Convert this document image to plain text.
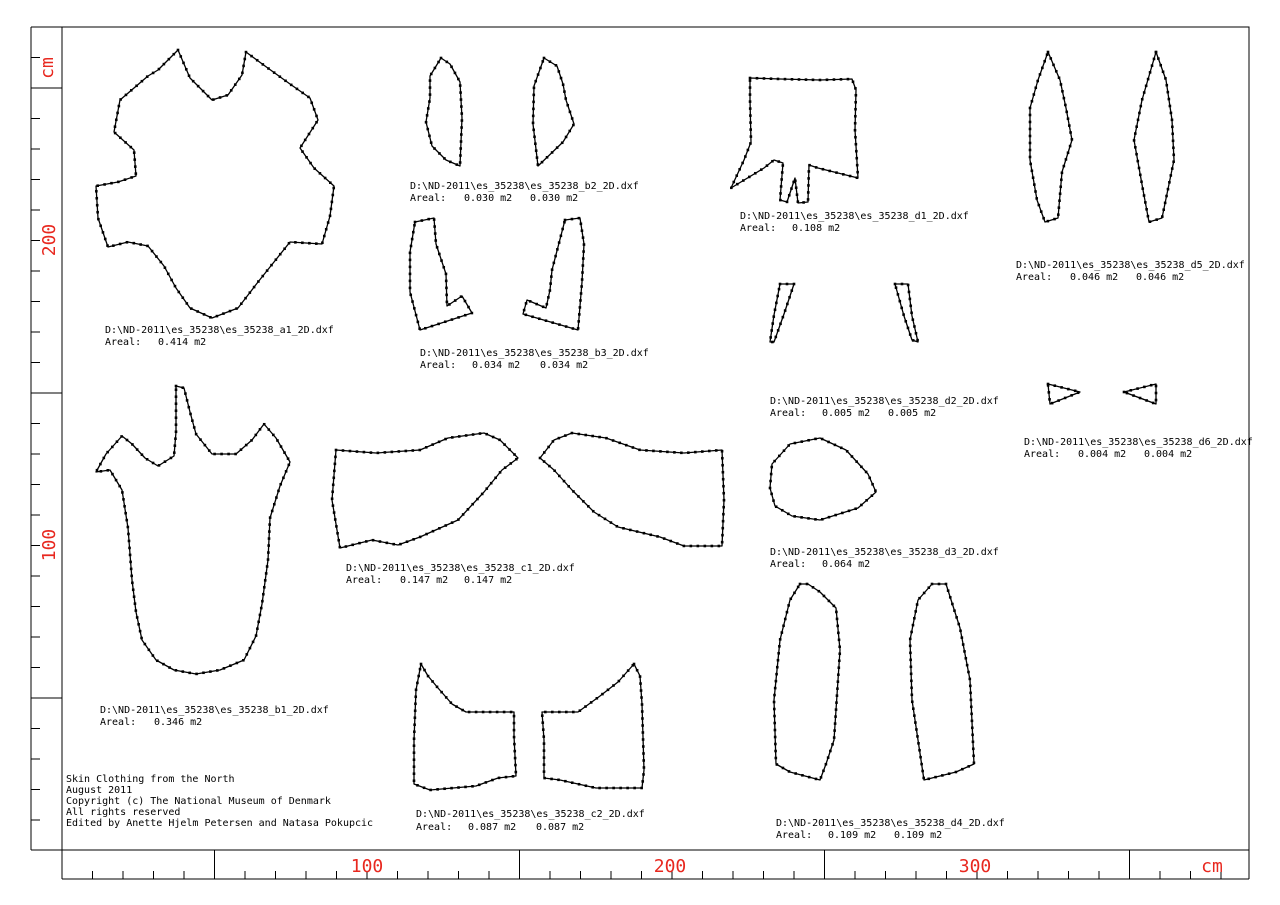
cm
200
100
100	200	300	cm
D:\ND-2011\es_35238\es_35238_a1_2D.dxf
Areal: 0.414 m2
D:\ND-2011\es_35238\es_35238_b2_2D.dxf
Areal: 0.030 m2 0.030 m2
D:\ND-2011\es_35238\es_35238_b3_2D.dxf
Areal: 0.034 m2 0.034 m2
D:\ND-2011\es_35238\es_35238_d1_2D.dxf
Areal: 0.108 m2
D:\ND-2011\es_35238\es_35238_d5_2D.dxf
Areal: 0.046 m2 0.046 m2
D:\ND-2011\es_35238\es_35238_d2_2D.dxf
Areal: 0.005 m2 0.005 m2
D:\ND-2011\es_35238\es_35238_d6_2D.dxf
Areal: 0.004 m2 0.004 m2
D:\ND-2011\es_35238\es_35238_b1_2D.dxf
Areal: 0.346 m2
D:\ND-2011\es_35238\es_35238_c1_2D.dxf
Areal: 0.147 m2 0.147 m2
D:\ND-2011\es_35238\es_35238_d3_2D.dxf
Areal: 0.064 m2
D:\ND-2011\es_35238\es_35238_c2_2D.dxf
Areal: 0.087 m2 0.087 m2	D:\ND-2011\es_35238\es_35238_d4_2D.dxf
Areal: 0.109 m2 0.109 m2
Skin Clothing from the North
August 2011
Copyright (c) The National Museum of Denmark
All rights reserved
Edited by Anette Hjelm Petersen and Natasa Pokupcic
